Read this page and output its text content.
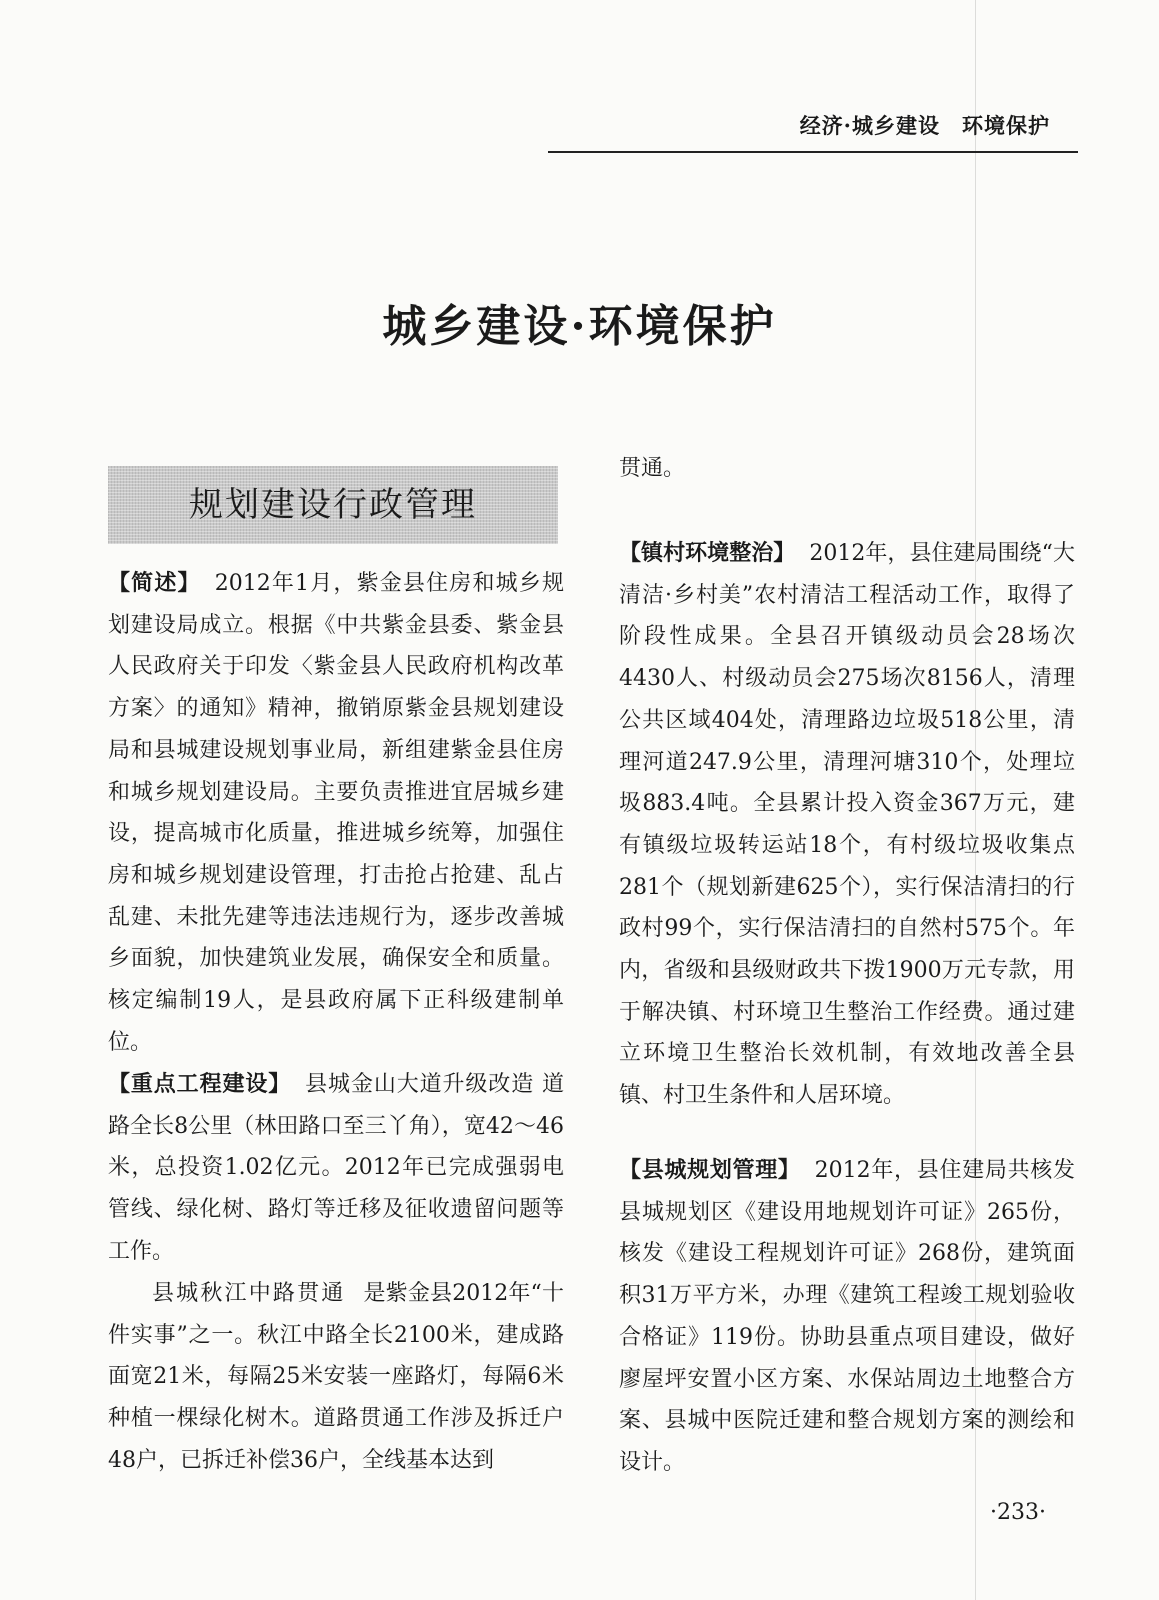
经济·城乡建设 环境保护
城乡建设·环境保护
规划建设行政管理

【简述】 2012年1月，紫金县住房和城乡规划建设局成立。根据《中共紫金县委、紫金县人民政府关于印发〈紫金县人民政府机构改革方案〉的通知》精神，撤销原紫金县规划建设局和县城建设规划事业局，新组建紫金县住房和城乡规划建设局。主要负责推进宜居城乡建设，提高城市化质量，推进城乡统筹，加强住房和城乡规划建设管理，打击抢占抢建、乱占乱建、未批先建等违法违规行为，逐步改善城乡面貌，加快建筑业发展，确保安全和质量。核定编制19人，是县政府属下正科级建制单位。

【重点工程建设】 县城金山大道升级改造 道路全长8公里（林田路口至三丫角），宽42～46米，总投资1.02亿元。2012年已完成强弱电管线、绿化树、路灯等迁移及征收遗留问题等工作。

县城秋江中路贯通 是紫金县2012年“十件实事”之一。秋江中路全长2100米，建成路面宽21米，每隔25米安装一座路灯，每隔6米种植一棵绿化树木。道路贯通工作涉及拆迁户48户，已拆迁补偿36户，全线基本达到

贯通。

【镇村环境整治】 2012年，县住建局围绕“大清洁·乡村美”农村清洁工程活动工作，取得了阶段性成果。全县召开镇级动员会28场次4430人、村级动员会275场次8156人，清理公共区域404处，清理路边垃圾518公里，清理河道247.9公里，清理河塘310个，处理垃圾883.4吨。全县累计投入资金367万元，建有镇级垃圾转运站18个，有村级垃圾收集点281个（规划新建625个），实行保洁清扫的行政村99个，实行保洁清扫的自然村575个。年内，省级和县级财政共下拨1900万元专款，用于解决镇、村环境卫生整治工作经费。通过建立环境卫生整治长效机制，有效地改善全县镇、村卫生条件和人居环境。

【县城规划管理】 2012年，县住建局共核发县城规划区《建设用地规划许可证》265份，核发《建设工程规划许可证》268份，建筑面积31万平方米，办理《建筑工程竣工规划验收合格证》119份。协助县重点项目建设，做好廖屋坪安置小区方案、水保站周边土地整合方案、县城中医院迁建和整合规划方案的测绘和设计。

·233·
